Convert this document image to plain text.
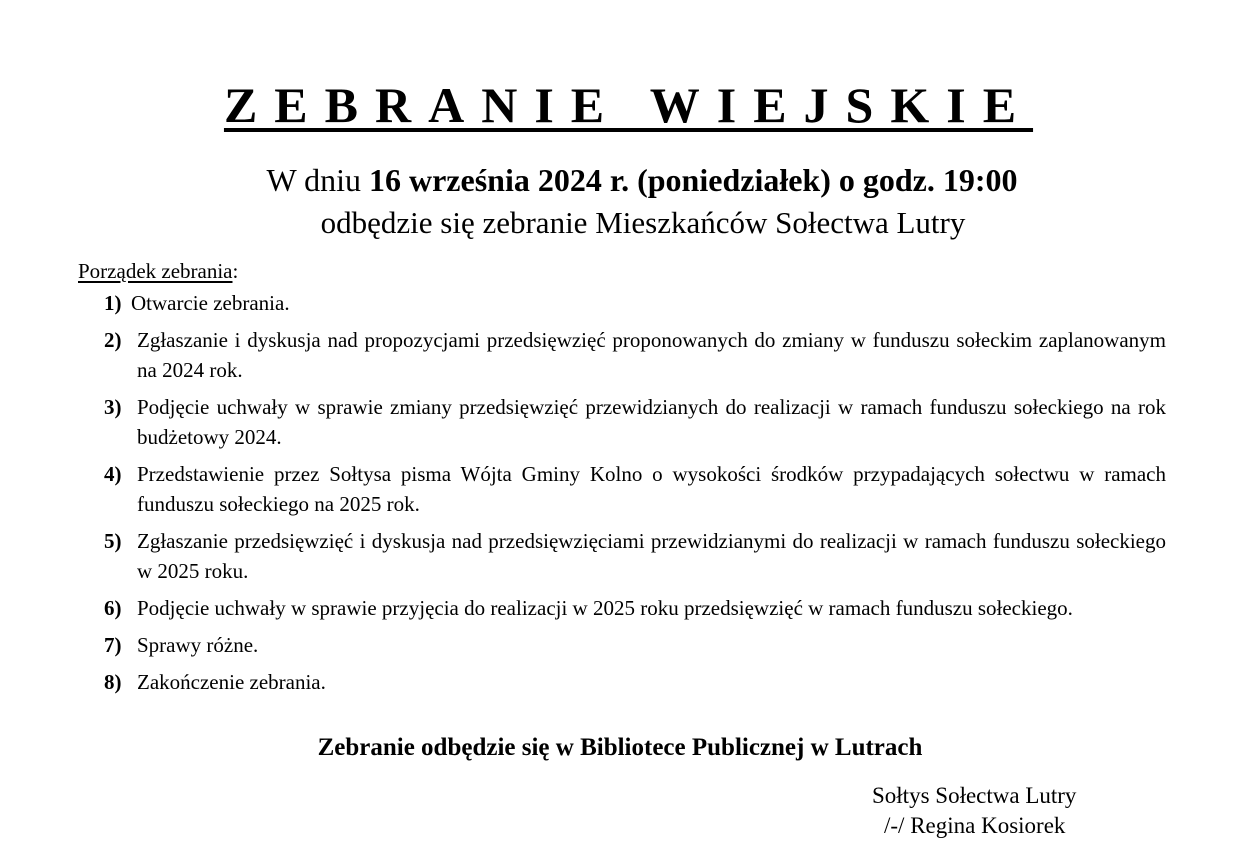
ZEBRANIE WIEJSKIE
W dniu 16 września 2024 r. (poniedziałek) o godz. 19:00
odbędzie się zebranie Mieszkańców Sołectwa Lutry
Porządek zebrania:
1) Otwarcie zebrania.
2) Zgłaszanie i dyskusja nad propozycjami przedsięwzięć proponowanych do zmiany w funduszu sołeckim zaplanowanym na 2024 rok.
3) Podjęcie uchwały w sprawie zmiany przedsięwzięć przewidzianych do realizacji w ramach funduszu sołeckiego na rok budżetowy 2024.
4) Przedstawienie przez Sołtysa pisma Wójta Gminy Kolno o wysokości środków przypadających sołectwu w ramach funduszu sołeckiego na 2025 rok.
5) Zgłaszanie przedsięwzięć i dyskusja nad przedsięwzięciami przewidzianymi do realizacji w ramach funduszu sołeckiego w 2025 roku.
6) Podjęcie uchwały w sprawie przyjęcia do realizacji w 2025 roku przedsięwzięć w ramach funduszu sołeckiego.
7) Sprawy różne.
8) Zakończenie zebrania.
Zebranie odbędzie się w Bibliotece Publicznej w Lutrach
Sołtys Sołectwa Lutry
/-/ Regina Kosiorek
